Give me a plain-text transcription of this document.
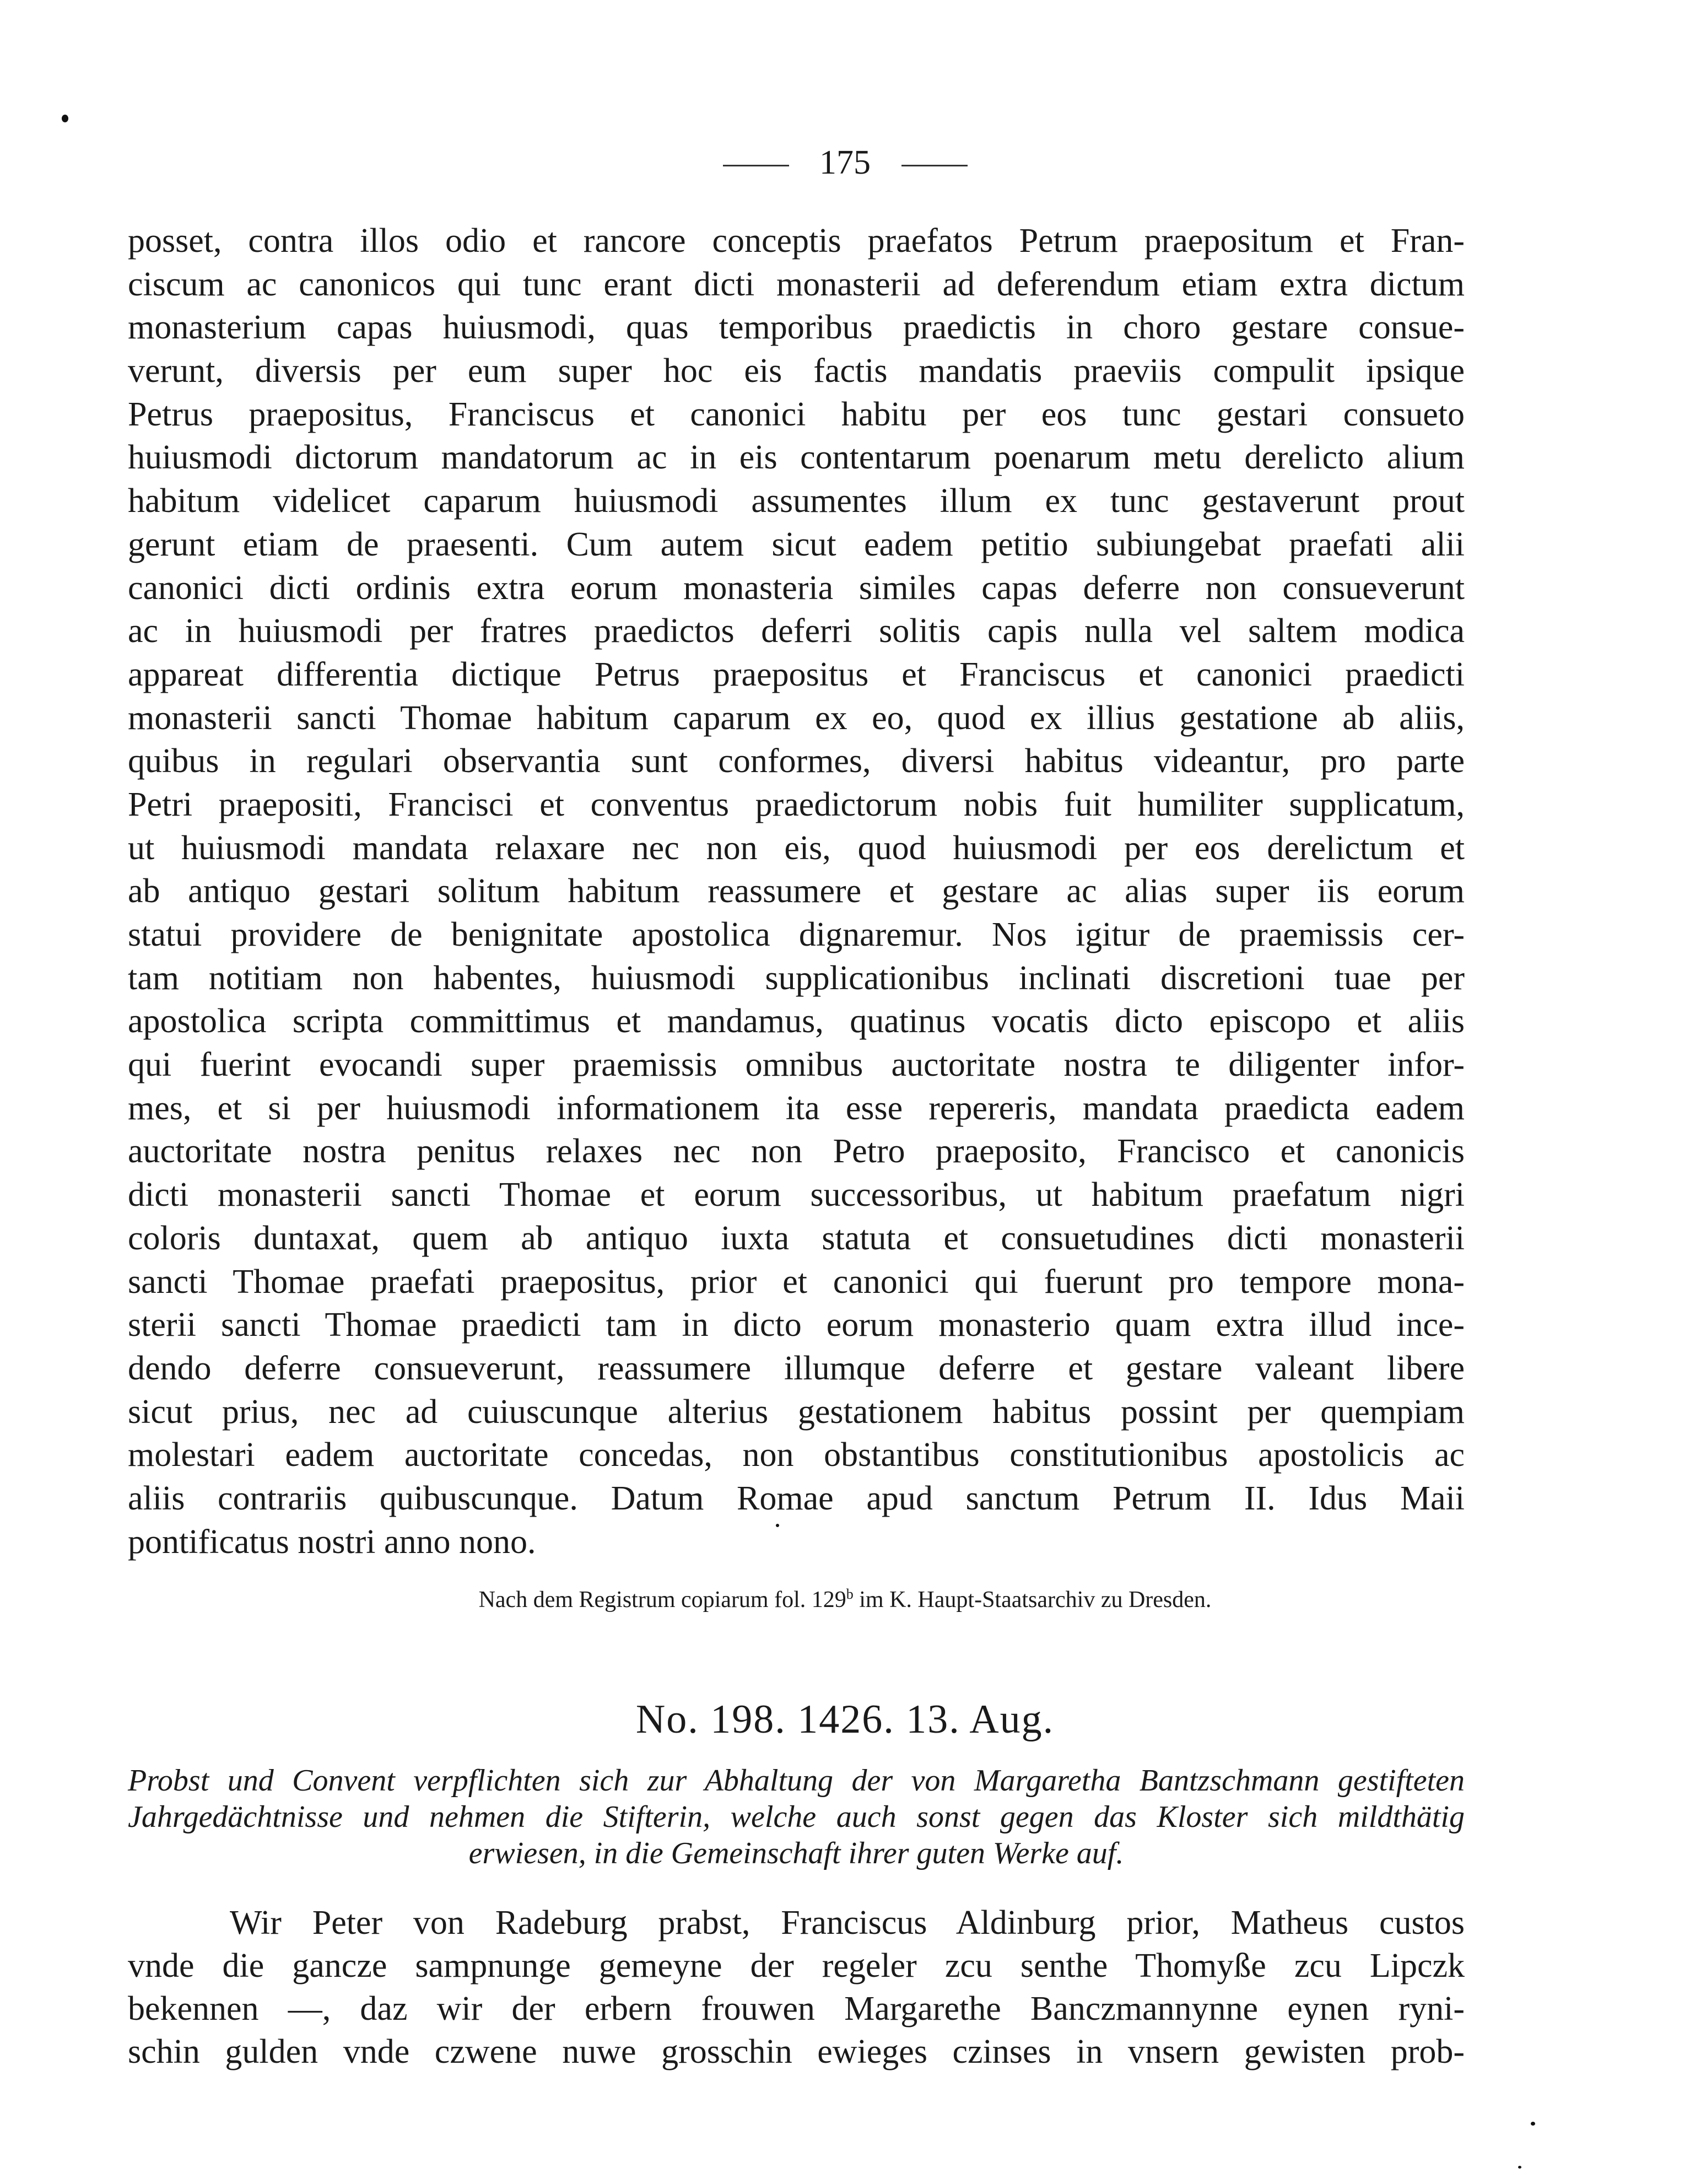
175
posset, contra illos odio et rancore conceptis praefatos Petrum praepositum et Fran-
ciscum ac canonicos qui tunc erant dicti monasterii ad deferendum etiam extra dictum
monasterium capas huiusmodi, quas temporibus praedictis in choro gestare consue-
verunt, diversis per eum super hoc eis factis mandatis praeviis compulit ipsique
Petrus praepositus, Franciscus et canonici habitu per eos tunc gestari consueto
huiusmodi dictorum mandatorum ac in eis contentarum poenarum metu derelicto alium
habitum videlicet caparum huiusmodi assumentes illum ex tunc gestaverunt prout
gerunt etiam de praesenti. Cum autem sicut eadem petitio subiungebat praefati alii
canonici dicti ordinis extra eorum monasteria similes capas deferre non consueverunt
ac in huiusmodi per fratres praedictos deferri solitis capis nulla vel saltem modica
appareat differentia dictique Petrus praepositus et Franciscus et canonici praedicti
monasterii sancti Thomae habitum caparum ex eo, quod ex illius gestatione ab aliis,
quibus in regulari observantia sunt conformes, diversi habitus videantur, pro parte
Petri praepositi, Francisci et conventus praedictorum nobis fuit humiliter supplicatum,
ut huiusmodi mandata relaxare nec non eis, quod huiusmodi per eos derelictum et
ab antiquo gestari solitum habitum reassumere et gestare ac alias super iis eorum
statui providere de benignitate apostolica dignaremur. Nos igitur de praemissis cer-
tam notitiam non habentes, huiusmodi supplicationibus inclinati discretioni tuae per
apostolica scripta committimus et mandamus, quatinus vocatis dicto episcopo et aliis
qui fuerint evocandi super praemissis omnibus auctoritate nostra te diligenter infor-
mes, et si per huiusmodi informationem ita esse repereris, mandata praedicta eadem
auctoritate nostra penitus relaxes nec non Petro praeposito, Francisco et canonicis
dicti monasterii sancti Thomae et eorum successoribus, ut habitum praefatum nigri
coloris duntaxat, quem ab antiquo iuxta statuta et consuetudines dicti monasterii
sancti Thomae praefati praepositus, prior et canonici qui fuerunt pro tempore mona-
sterii sancti Thomae praedicti tam in dicto eorum monasterio quam extra illud ince-
dendo deferre consueverunt, reassumere illumque deferre et gestare valeant libere
sicut prius, nec ad cuiuscunque alterius gestationem habitus possint per quempiam
molestari eadem auctoritate concedas, non obstantibus constitutionibus apostolicis ac
aliis contrariis quibuscunque. Datum Romae apud sanctum Petrum II. Idus Maii
pontificatus nostri anno nono.
Nach dem Registrum copiarum fol. 129$^b$ im K. Haupt-Staatsarchiv zu Dresden.
No. 198. 1426. 13. Aug.
Probst und Convent verpflichten sich zur Abhaltung der von Margaretha Bantzschmann gestifteten
Jahrgedächtnisse und nehmen die Stifterin, welche auch sonst gegen das Kloster sich mildthätig
erwiesen, in die Gemeinschaft ihrer guten Werke auf.
Wir Peter von Radeburg prabst, Franciscus Aldinburg prior, Matheus custos
vnde die gancze sampnunge gemeyne der regeler zcu senthe Thomyße zcu Lipczk
bekennen —, daz wir der erbern frouwen Margarethe Banczmannynne eynen ryni-
schin gulden vnde czwene nuwe grosschin ewieges czinses in vnsern gewisten prob-
